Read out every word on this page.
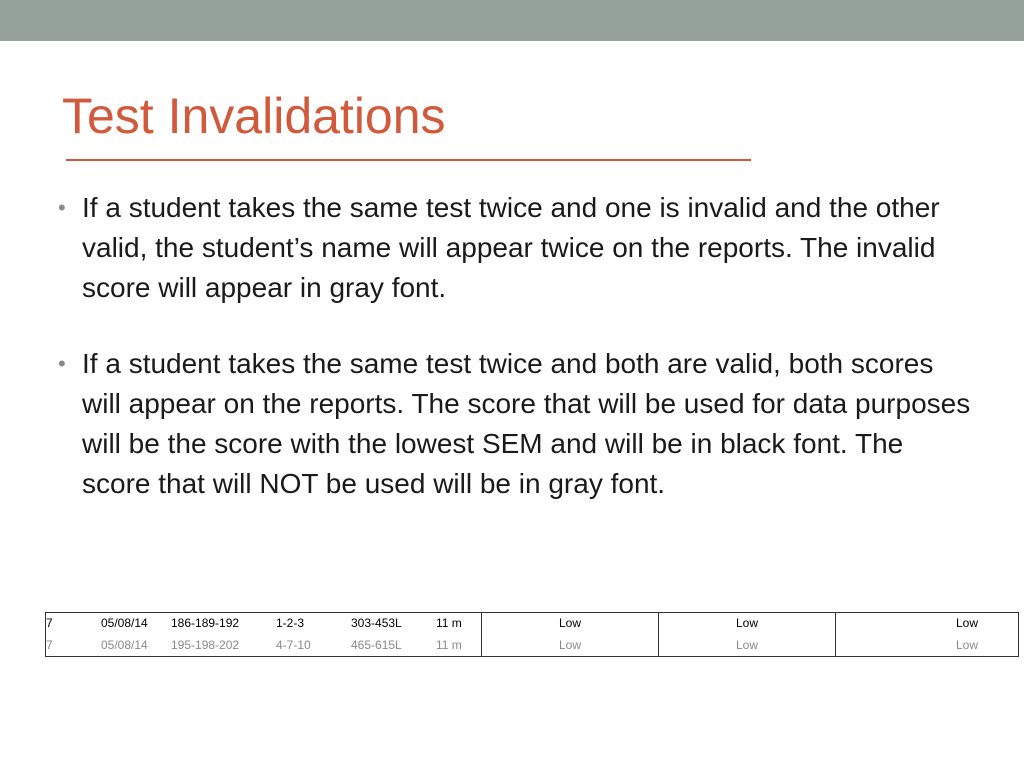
Test Invalidations
• If a student takes the same test twice and one is invalid and the other valid, the student’s name will appear twice on the reports. The invalid score will appear in gray font.
• If a student takes the same test twice and both are valid, both scores will appear on the reports. The score that will be used for data purposes will be the score with the lowest SEM and will be in black font. The score that will NOT be used will be in gray font.
7	05/08/14	186-189-192	1-2-3	303-453L	11 m	Low	Low	Low
7	05/08/14	195-198-202	4-7-10	465-615L	11 m	Low	Low	Low
